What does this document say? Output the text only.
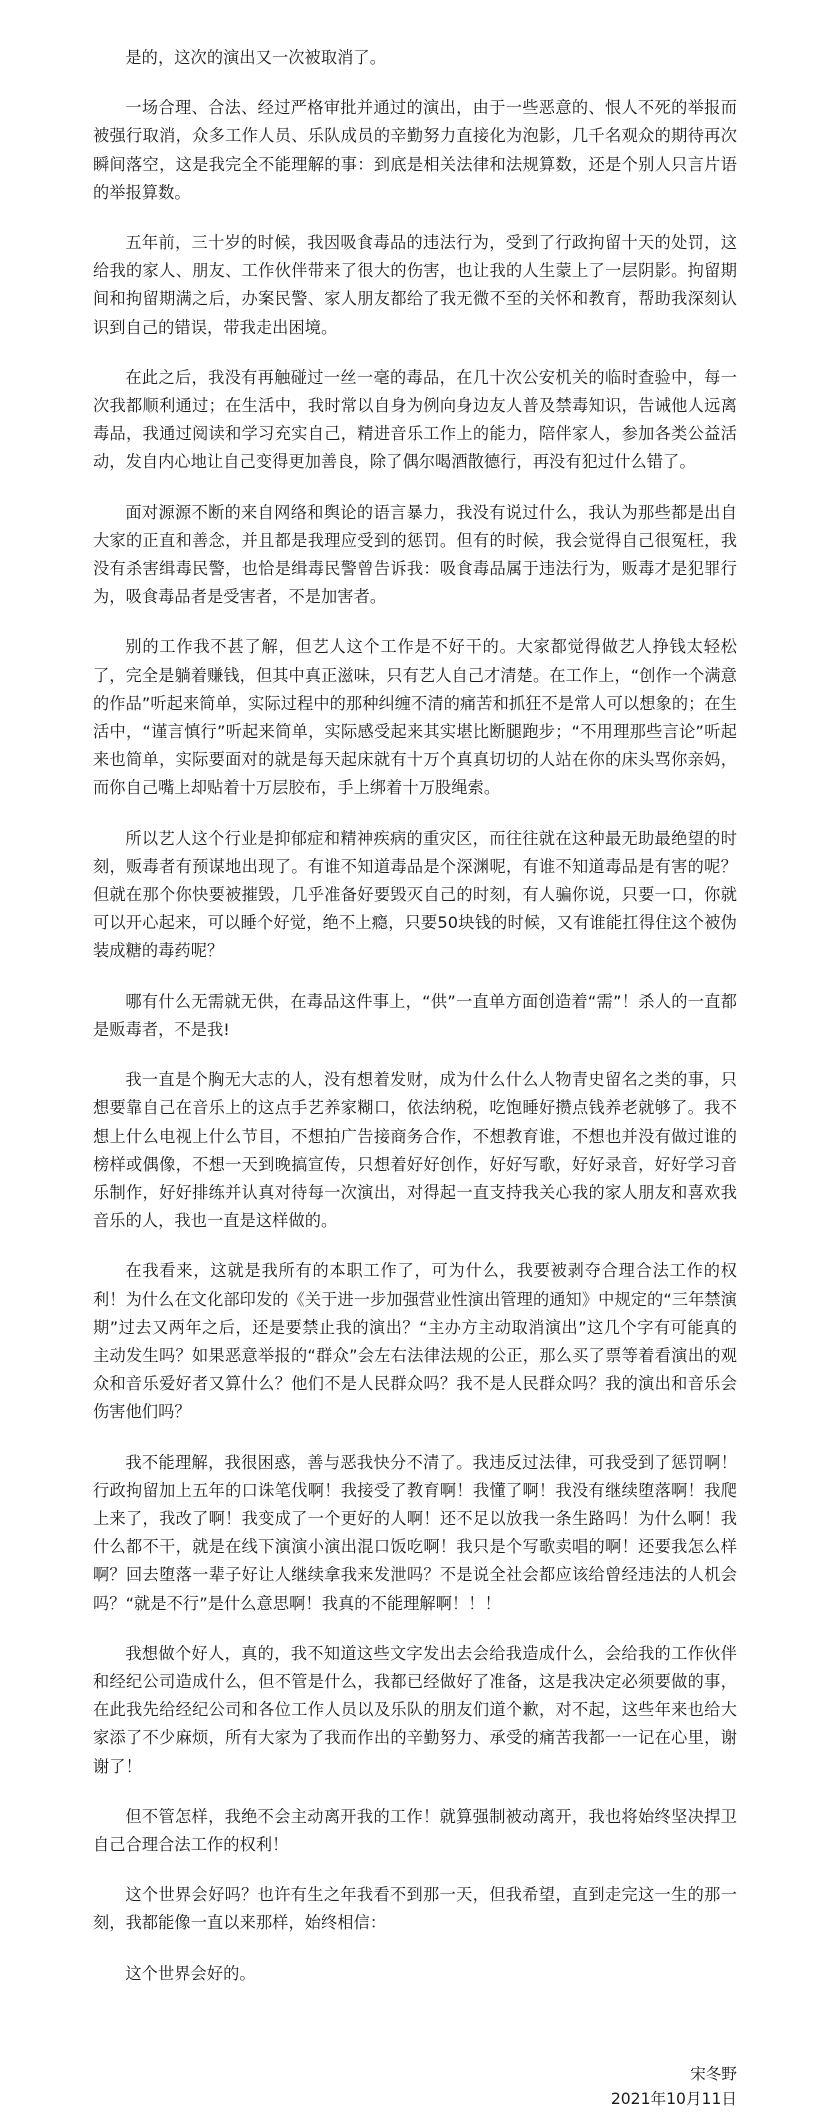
是的，这次的演出又一次被取消了。

一场合理、合法、经过严格审批并通过的演出，由于一些恶意的、恨人不死的举报而被强行取消，众多工作人员、乐队成员的辛勤努力直接化为泡影，几千名观众的期待再次瞬间落空，这是我完全不能理解的事：到底是相关法律和法规算数，还是个别人只言片语的举报算数。

五年前，三十岁的时候，我因吸食毒品的违法行为，受到了行政拘留十天的处罚，这给我的家人、朋友、工作伙伴带来了很大的伤害，也让我的人生蒙上了一层阴影。拘留期间和拘留期满之后，办案民警、家人朋友都给了我无微不至的关怀和教育，帮助我深刻认识到自己的错误，带我走出困境。

在此之后，我没有再触碰过一丝一毫的毒品，在几十次公安机关的临时查验中，每一次我都顺利通过；在生活中，我时常以自身为例向身边友人普及禁毒知识，告诫他人远离毒品，我通过阅读和学习充实自己，精进音乐工作上的能力，陪伴家人，参加各类公益活动，发自内心地让自己变得更加善良，除了偶尔喝酒散德行，再没有犯过什么错了。

面对源源不断的来自网络和舆论的语言暴力，我没有说过什么，我认为那些都是出自大家的正直和善念，并且都是我理应受到的惩罚。但有的时候，我会觉得自己很冤枉，我没有杀害缉毒民警，也恰是缉毒民警曾告诉我：吸食毒品属于违法行为，贩毒才是犯罪行为，吸食毒品者是受害者，不是加害者。

别的工作我不甚了解，但艺人这个工作是不好干的。大家都觉得做艺人挣钱太轻松了，完全是躺着赚钱，但其中真正滋味，只有艺人自己才清楚。在工作上，“创作一个满意的作品”听起来简单，实际过程中的那种纠缠不清的痛苦和抓狂不是常人可以想象的；在生活中，“谨言慎行”听起来简单，实际感受起来其实堪比断腿跑步；“不用理那些言论”听起来也简单，实际要面对的就是每天起床就有十万个真真切切的人站在你的床头骂你亲妈，而你自己嘴上却贴着十万层胶布，手上绑着十万股绳索。

所以艺人这个行业是抑郁症和精神疾病的重灾区，而往往就在这种最无助最绝望的时刻，贩毒者有预谋地出现了。有谁不知道毒品是个深渊呢，有谁不知道毒品是有害的呢？但就在那个你快要被摧毁，几乎准备好要毁灭自己的时刻，有人骗你说，只要一口，你就可以开心起来，可以睡个好觉，绝不上瘾，只要50块钱的时候，又有谁能扛得住这个被伪装成糖的毒药呢？

哪有什么无需就无供，在毒品这件事上，“供”一直单方面创造着“需”！杀人的一直都是贩毒者，不是我!

我一直是个胸无大志的人，没有想着发财，成为什么什么人物青史留名之类的事，只想要靠自己在音乐上的这点手艺养家糊口，依法纳税，吃饱睡好攒点钱养老就够了。我不想上什么电视上什么节目，不想拍广告接商务合作，不想教育谁，不想也并没有做过谁的榜样或偶像，不想一天到晚搞宣传，只想着好好创作，好好写歌，好好录音，好好学习音乐制作，好好排练并认真对待每一次演出，对得起一直支持我关心我的家人朋友和喜欢我音乐的人，我也一直是这样做的。

在我看来，这就是我所有的本职工作了，可为什么，我要被剥夺合理合法工作的权利！为什么在文化部印发的《关于进一步加强营业性演出管理的通知》中规定的“三年禁演期”过去又两年之后，还是要禁止我的演出？“主办方主动取消演出”这几个字有可能真的主动发生吗？如果恶意举报的“群众”会左右法律法规的公正，那么买了票等着看演出的观众和音乐爱好者又算什么？他们不是人民群众吗？我不是人民群众吗？我的演出和音乐会伤害他们吗？

我不能理解，我很困惑，善与恶我快分不清了。我违反过法律，可我受到了惩罚啊！行政拘留加上五年的口诛笔伐啊！我接受了教育啊！我懂了啊！我没有继续堕落啊！我爬上来了，我改了啊！我变成了一个更好的人啊！还不足以放我一条生路吗！为什么啊！我什么都不干，就是在线下演演小演出混口饭吃啊！我只是个写歌卖唱的啊！还要我怎么样啊？回去堕落一辈子好让人继续拿我来发泄吗？不是说全社会都应该给曾经违法的人机会吗？“就是不行”是什么意思啊！我真的不能理解啊！！！

我想做个好人，真的，我不知道这些文字发出去会给我造成什么，会给我的工作伙伴和经纪公司造成什么，但不管是什么，我都已经做好了准备，这是我决定必须要做的事，在此我先给经纪公司和各位工作人员以及乐队的朋友们道个歉，对不起，这些年来也给大家添了不少麻烦，所有大家为了我而作出的辛勤努力、承受的痛苦我都一一记在心里，谢谢了！

但不管怎样，我绝不会主动离开我的工作！就算强制被动离开，我也将始终坚决捍卫自己合理合法工作的权利！

这个世界会好吗？也许有生之年我看不到那一天，但我希望，直到走完这一生的那一刻，我都能像一直以来那样，始终相信：

这个世界会好的。

宋冬野
2021年10月11日
